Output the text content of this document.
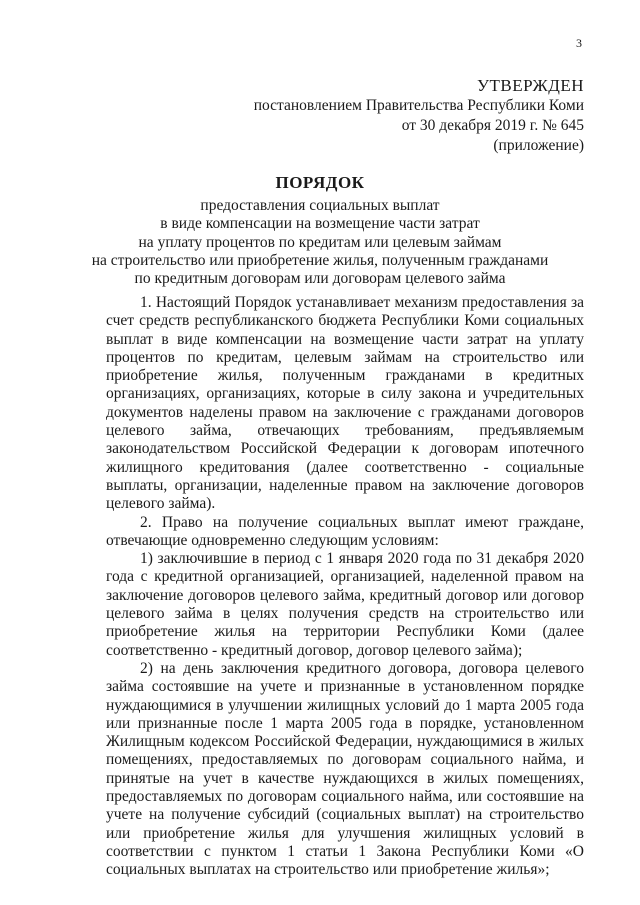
3
УТВЕРЖДЕН
постановлением Правительства Республики Коми
от 30 декабря 2019 г. № 645
(приложение)
ПОРЯДОК
предоставления социальных выплат
в виде компенсации на возмещение части затрат
на уплату процентов по кредитам или целевым займам
на строительство или приобретение жилья, полученным гражданами
по кредитным договорам или договорам целевого займа

1. Настоящий Порядок устанавливает механизм предоставления за счет средств республиканского бюджета Республики Коми социальных выплат в виде компенсации на возмещение части затрат на уплату процентов по кредитам, целевым займам на строительство или приобретение жилья, полученным гражданами в кредитных организациях, организациях, которые в силу закона и учредительных документов наделены правом на заключение с гражданами договоров целевого займа, отвечающих требованиям, предъявляемым законодательством Российской Федерации к договорам ипотечного жилищного кредитования (далее соответственно - социальные выплаты, организации, наделенные правом на заключение договоров целевого займа).

2. Право на получение социальных выплат имеют граждане, отвечающие одновременно следующим условиям:

1) заключившие в период с 1 января 2020 года по 31 декабря 2020 года с кредитной организацией, организацией, наделенной правом на заключение договоров целевого займа, кредитный договор или договор целевого займа в целях получения средств на строительство или приобретение жилья на территории Республики Коми (далее соответственно - кредитный договор, договор целевого займа);

2) на день заключения кредитного договора, договора целевого займа состоявшие на учете и признанные в установленном порядке нуждающимися в улучшении жилищных условий до 1 марта 2005 года или признанные после 1 марта 2005 года в порядке, установленном Жилищным кодексом Российской Федерации, нуждающимися в жилых помещениях, предоставляемых по договорам социального найма, и принятые на учет в качестве нуждающихся в жилых помещениях, предоставляемых по договорам социального найма, или состоявшие на учете на получение субсидий (социальных выплат) на строительство или приобретение жилья для улучшения жилищных условий в соответствии с пунктом 1 статьи 1 Закона Республики Коми «О социальных выплатах на строительство или приобретение жилья»;
